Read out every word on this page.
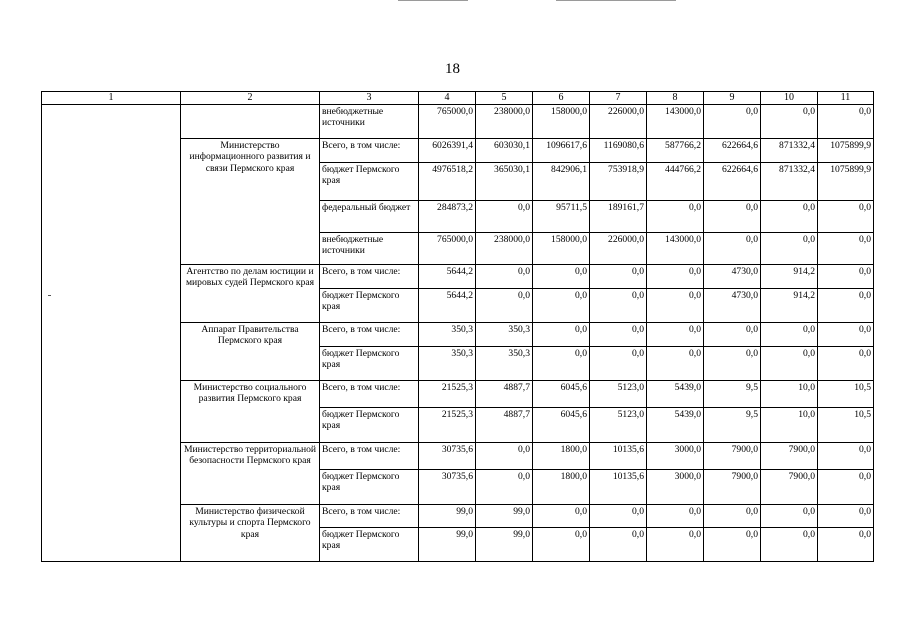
18
1	2	3	4	5	6	7	8	9	10	11
		внебюджетные источники	765000,0	238000,0	158000,0	226000,0	143000,0	0,0	0,0	0,0
	Министерство информационного развития и связи Пермского края	Всего, в том числе:	6026391,4	603030,1	1096617,6	1169080,6	587766,2	622664,6	871332,4	1075899,9
		бюджет Пермского края	4976518,2	365030,1	842906,1	753918,9	444766,2	622664,6	871332,4	1075899,9
		федеральный бюджет	284873,2	0,0	95711,5	189161,7	0,0	0,0	0,0	0,0
		внебюджетные источники	765000,0	238000,0	158000,0	226000,0	143000,0	0,0	0,0	0,0
	Агентство по делам юстиции и мировых судей Пермского края	Всего, в том числе:	5644,2	0,0	0,0	0,0	0,0	4730,0	914,2	0,0
		бюджет Пермского края	5644,2	0,0	0,0	0,0	0,0	4730,0	914,2	0,0
	Аппарат Правительства Пермского края	Всего, в том числе:	350,3	350,3	0,0	0,0	0,0	0,0	0,0	0,0
		бюджет Пермского края	350,3	350,3	0,0	0,0	0,0	0,0	0,0	0,0
	Министерство социального развития Пермского края	Всего, в том числе:	21525,3	4887,7	6045,6	5123,0	5439,0	9,5	10,0	10,5
		бюджет Пермского края	21525,3	4887,7	6045,6	5123,0	5439,0	9,5	10,0	10,5
	Министерство территориальной безопасности Пермского края	Всего, в том числе:	30735,6	0,0	1800,0	10135,6	3000,0	7900,0	7900,0	0,0
		бюджет Пермского края	30735,6	0,0	1800,0	10135,6	3000,0	7900,0	7900,0	0,0
	Министерство физической культуры и спорта Пермского края	Всего, в том числе:	99,0	99,0	0,0	0,0	0,0	0,0	0,0	0,0
		бюджет Пермского края	99,0	99,0	0,0	0,0	0,0	0,0	0,0	0,0
